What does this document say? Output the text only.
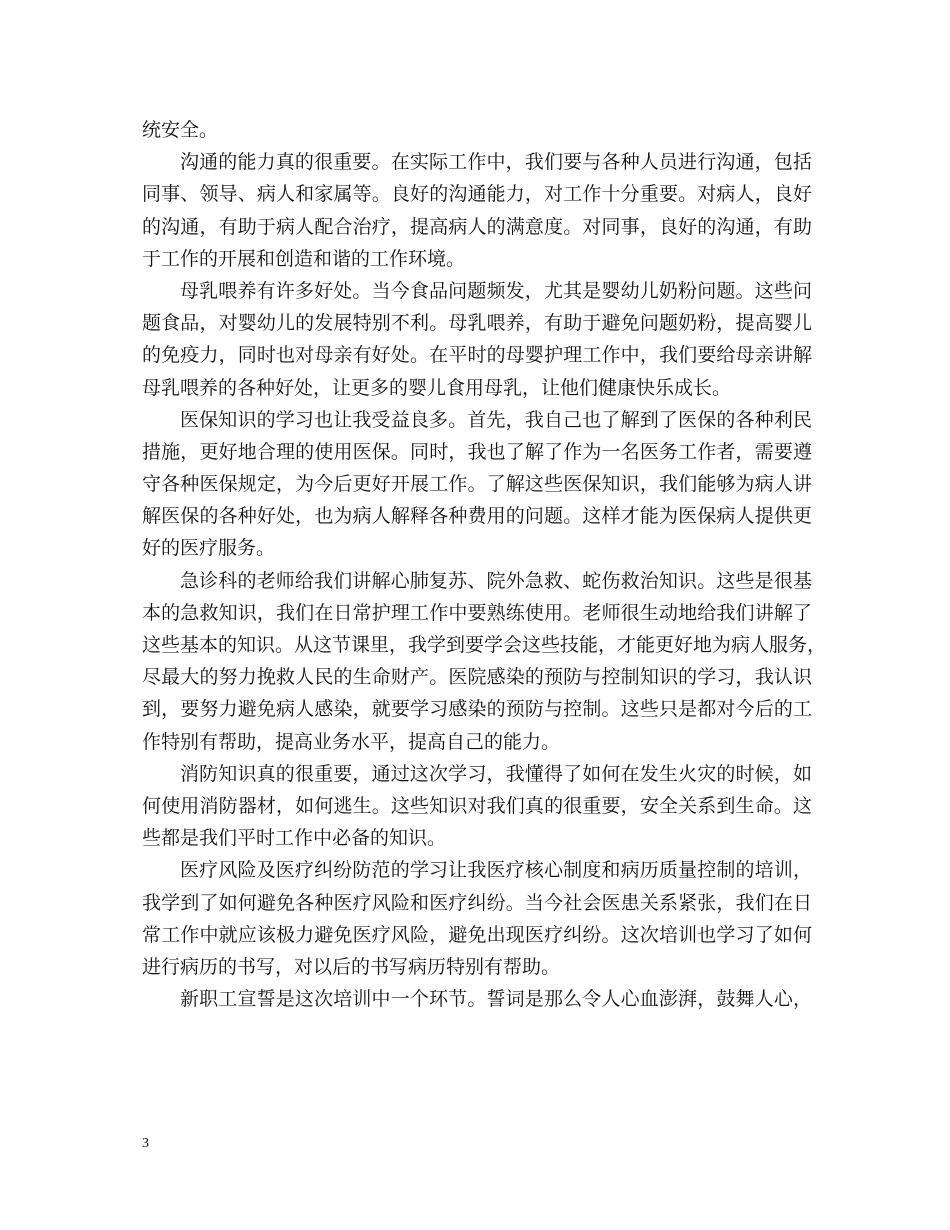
统安全。
沟通的能力真的很重要。在实际工作中，我们要与各种人员进行沟通，包括
同事、领导、病人和家属等。良好的沟通能力，对工作十分重要。对病人，良好
的沟通，有助于病人配合治疗，提高病人的满意度。对同事，良好的沟通，有助
于工作的开展和创造和谐的工作环境。
母乳喂养有许多好处。当今食品问题频发，尤其是婴幼儿奶粉问题。这些问
题食品，对婴幼儿的发展特别不利。母乳喂养，有助于避免问题奶粉，提高婴儿
的免疫力，同时也对母亲有好处。在平时的母婴护理工作中，我们要给母亲讲解
母乳喂养的各种好处，让更多的婴儿食用母乳，让他们健康快乐成长。
医保知识的学习也让我受益良多。首先，我自己也了解到了医保的各种利民
措施，更好地合理的使用医保。同时，我也了解了作为一名医务工作者，需要遵
守各种医保规定，为今后更好开展工作。了解这些医保知识，我们能够为病人讲
解医保的各种好处，也为病人解释各种费用的问题。这样才能为医保病人提供更
好的医疗服务。
急诊科的老师给我们讲解心肺复苏、院外急救、蛇伤救治知识。这些是很基
本的急救知识，我们在日常护理工作中要熟练使用。老师很生动地给我们讲解了
这些基本的知识。从这节课里，我学到要学会这些技能，才能更好地为病人服务，
尽最大的努力挽救人民的生命财产。医院感染的预防与控制知识的学习，我认识
到，要努力避免病人感染，就要学习感染的预防与控制。这些只是都对今后的工
作特别有帮助，提高业务水平，提高自己的能力。
消防知识真的很重要，通过这次学习，我懂得了如何在发生火灾的时候，如
何使用消防器材，如何逃生。这些知识对我们真的很重要，安全关系到生命。这
些都是我们平时工作中必备的知识。
医疗风险及医疗纠纷防范的学习让我医疗核心制度和病历质量控制的培训，
我学到了如何避免各种医疗风险和医疗纠纷。当今社会医患关系紧张，我们在日
常工作中就应该极力避免医疗风险，避免出现医疗纠纷。这次培训也学习了如何
进行病历的书写，对以后的书写病历特别有帮助。
新职工宣誓是这次培训中一个环节。誓词是那么令人心血澎湃，鼓舞人心，
3
